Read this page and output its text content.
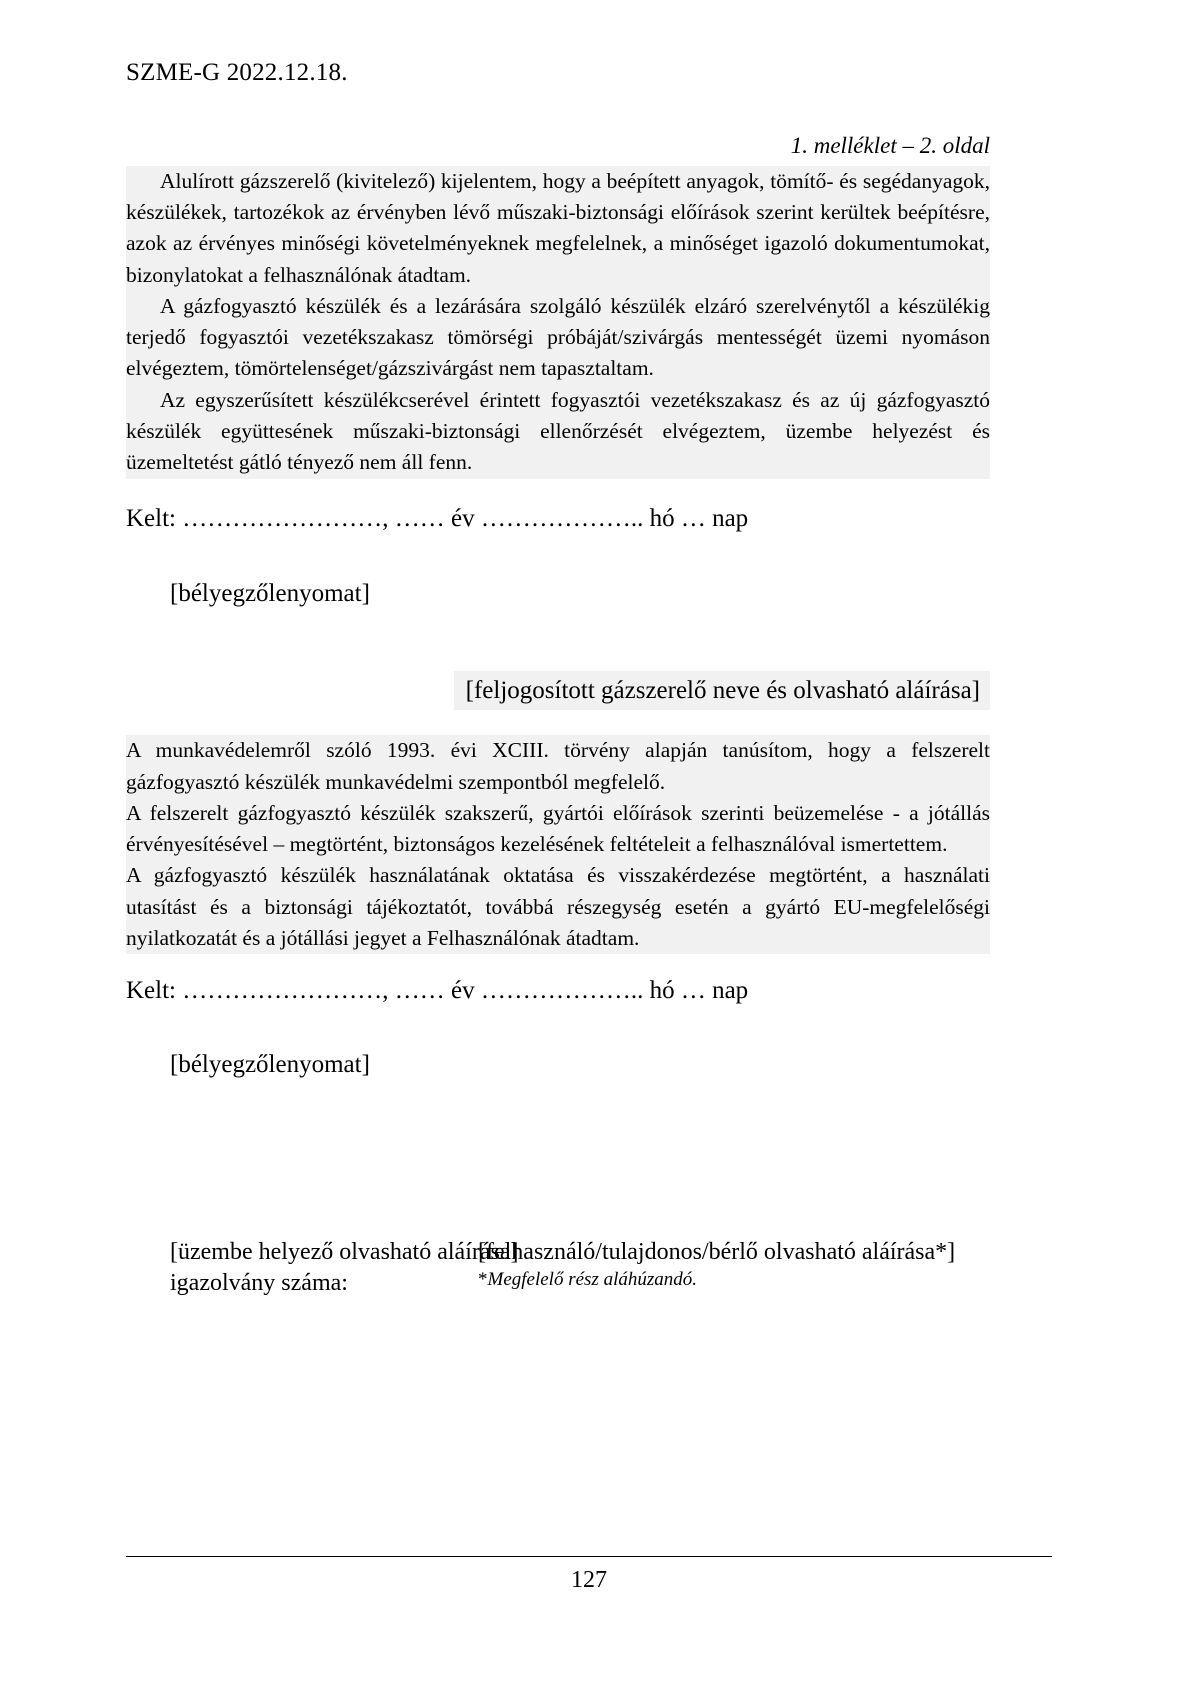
SZME-G 2022.12.18.
1. melléklet – 2. oldal

Alulírott gázszerelő (kivitelező) kijelentem, hogy a beépített anyagok, tömítő- és segédanyagok, készülékek, tartozékok az érvényben lévő műszaki-biztonsági előírások szerint kerültek beépítésre, azok az érvényes minőségi követelményeknek megfelelnek, a minőséget igazoló dokumentumokat, bizonylatokat a felhasználónak átadtam.

A gázfogyasztó készülék és a lezárására szolgáló készülék elzáró szerelvénytől a készülékig terjedő fogyasztói vezetékszakasz tömörségi próbáját/szivárgás mentességét üzemi nyomáson elvégeztem, tömörtelenséget/gázszivárgást nem tapasztaltam.

Az egyszerűsített készülékcserével érintett fogyasztói vezetékszakasz és az új gázfogyasztó készülék együttesének műszaki-biztonsági ellenőrzését elvégeztem, üzembe helyezést és üzemeltetést gátló tényező nem áll fenn.

Kelt: ……………………, …… év ……………….. hó … nap
[bélyegzőlenyomat]
[feljogosított gázszerelő neve és olvasható aláírása]

A munkavédelemről szóló 1993. évi XCIII. törvény alapján tanúsítom, hogy a felszerelt gázfogyasztó készülék munkavédelmi szempontból megfelelő.

A felszerelt gázfogyasztó készülék szakszerű, gyártói előírások szerinti beüzemelése - a jótállás érvényesítésével – megtörtént, biztonságos kezelésének feltételeit a felhasználóval ismertettem.

A gázfogyasztó készülék használatának oktatása és visszakérdezése megtörtént, a használati utasítást és a biztonsági tájékoztatót, továbbá részegység esetén a gyártó EU-megfelelőségi nyilatkozatát és a jótállási jegyet a Felhasználónak átadtam.

Kelt: ……………………, …… év ……………….. hó … nap
[bélyegzőlenyomat]

[üzembe helyező olvasható aláírása]

igazolvány száma:

[felhasználó/tulajdonos/bérlő olvasható aláírása*]

*Megfelelő rész aláhúzandó.

127
